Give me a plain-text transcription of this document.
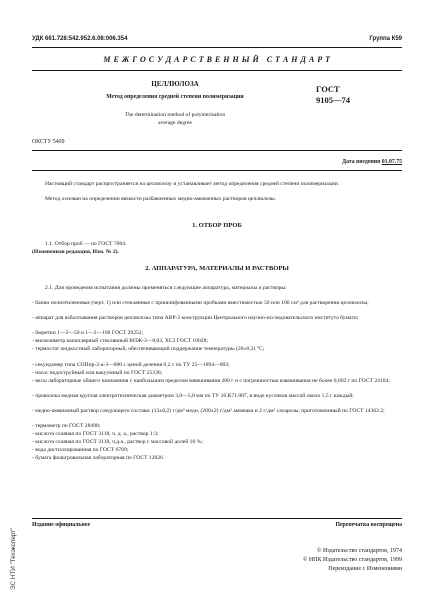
УДК 661.728:542.952.6.08:006.354	Группа К59
М Е Ж Г О С У Д А Р С Т В Е Н Н Ы Й   С Т А Н Д А Р Т
ЦЕЛЛЮЛОЗА
Метод определения средней степени полимеризации
The determination method of polymerisation
average degree
ГОСТ
9105—74
ОКСТУ 5409
Дата введения 01.07.75
Настоящий стандарт распространяется на целлюлозу и устанавливает метод определения средней степени полимеризации.
Метод основан на определении вязкости разбавленных медно-аммиачных растворов целлюлозы.
1. ОТБОР ПРОБ
1.1. Отбор проб — по ГОСТ 7004.
(Измененная редакция, Изм. № 2).
2. АППАРАТУРА, МАТЕРИАЛЫ И РАСТВОРЫ
2.1. Для проведения испытания должны применяться следующие аппаратура, материалы и растворы:
- банки полиэтиленовые (черт. 1) или стеклянные с пришлифованными пробками вместимостью 50 или 100 см³ для растворения целлюлозы;
- аппарат для взбалтывания растворов целлюлозы типа АВР-3 конструкции Центрального научно-исследовательского института бумаги;
- бюретки 1—2—50 и 1—2—100 ГОСТ 29252;
- вискозиметр капиллярный стеклянный ВПЖ-3—0,03, ХС3 ГОСТ 10028;
- термостат жидкостный лабораторный, обеспечивающий поддержание температуры (20±0,2) °С;
- секундомер типа СОПпр-2-а-3—000 с ценой деления 0,2 с по ТУ 25—1894—003;
- насос водоструйный или вакуумный по ГОСТ 25336;
- весы лабораторные общего назначения с наибольшим пределом взвешивания 200 г и с погрешностью взвешивания не более 0,002 г по ГОСТ 24104;
- проволока медная круглая электротехническая диаметром 3,0—5,0 мм по ТУ 16.К71.087, в виде кусочков массой около 1,5 г каждый;
- медно-аммиачный раствор следующего состава: (13±0,2) г/дм³ меди, (200±2) г/дм³ аммиака и 2 г/дм³ сахарозы, приготовленный по ГОСТ 14363.2;
- термометр по ГОСТ 28498;
- кислота соляная по ГОСТ 3118, ч. д. а., раствор 1:3;
- кислота соляная по ГОСТ 3118, ч.д.а., раствор с массовой долей 10 %;
- вода дистиллированная по ГОСТ 6709;
- бумага фильтровальная лабораторная по ГОСТ 12026.
Издание официальное	Перепечатка воспрещена
© Издательство стандартов, 1974
© ИПК Издательство стандартов, 1999
Переиздание с Изменениями
ЭС НТИ "Техэксперт"
